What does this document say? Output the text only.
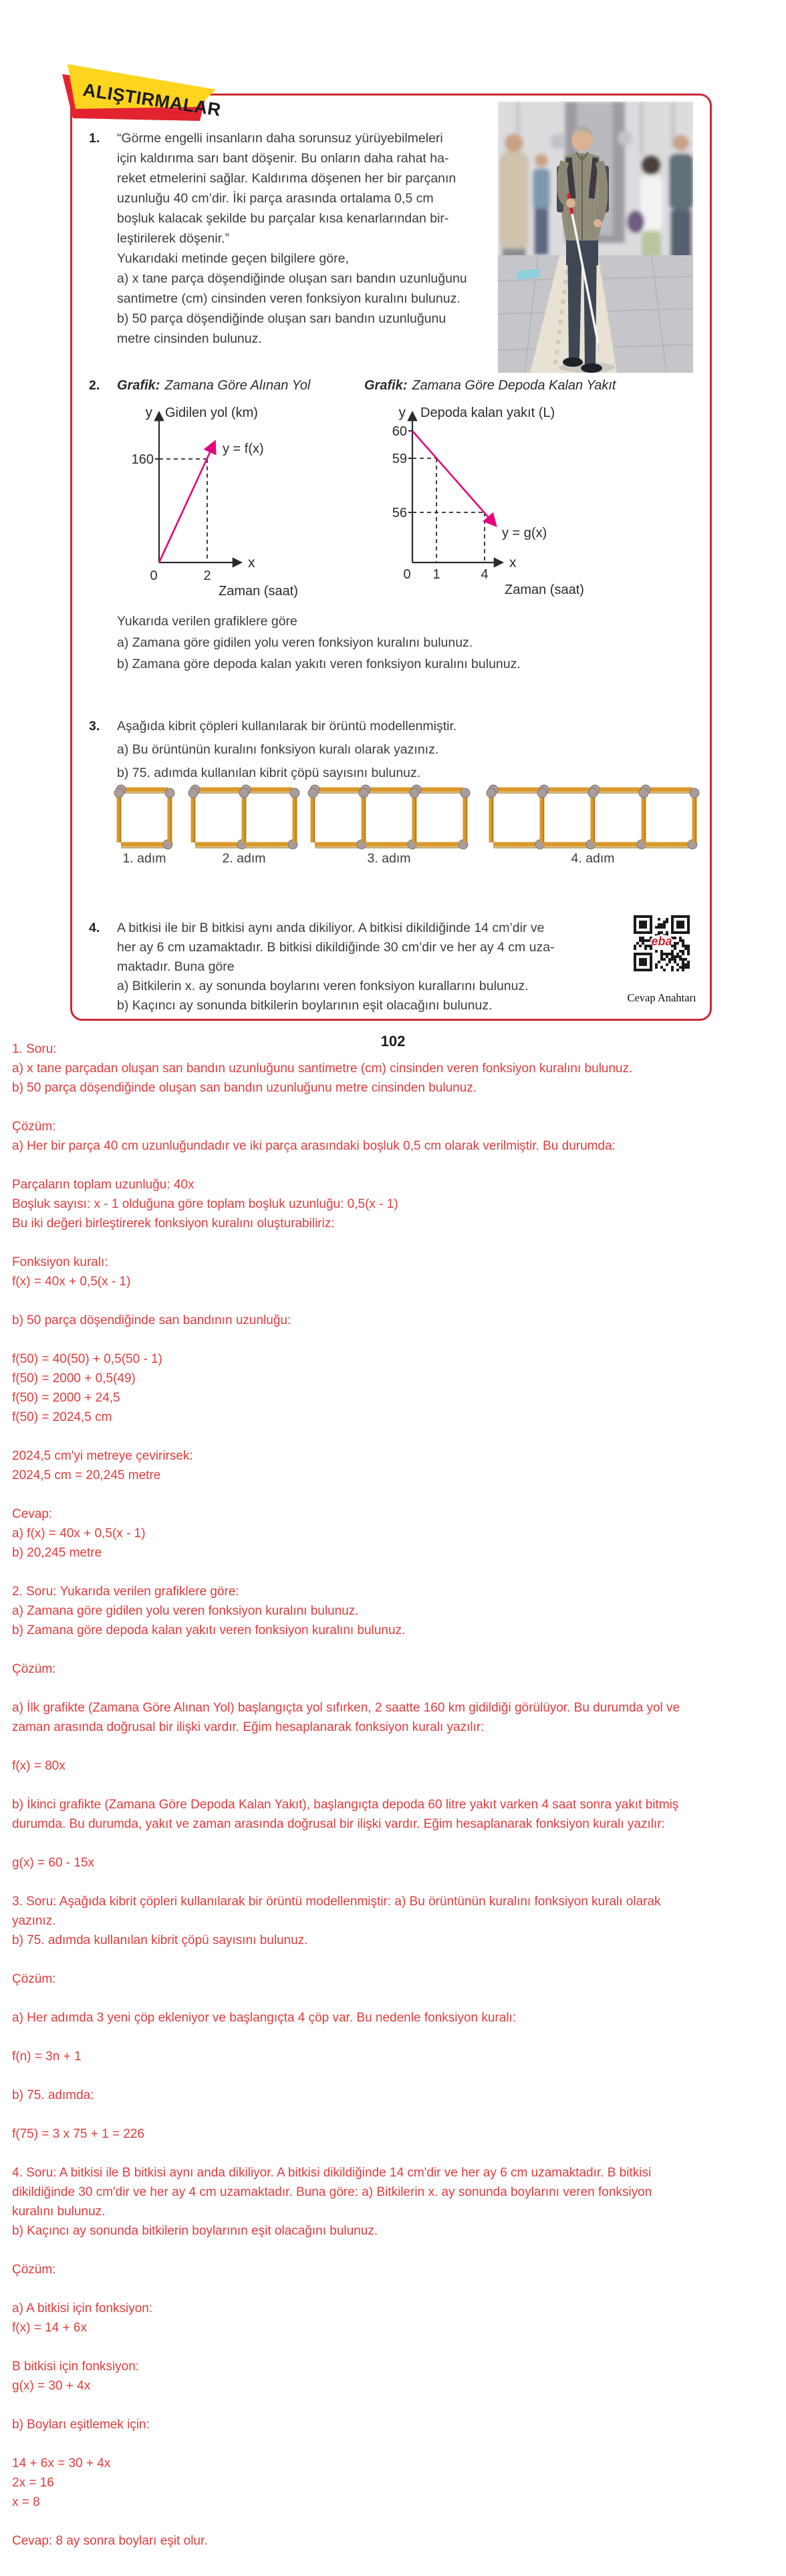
ALIŞTIRMALAR
1. “Görme engelli insanların daha sorunsuz yürüyebilmeleri
için kaldırıma sarı bant döşenir. Bu onların daha rahat ha-
reket etmelerini sağlar. Kaldırıma döşenen her bir parçanın
uzunluğu 40 cm’dir. İki parça arasında ortalama 0,5 cm
boşluk kalacak şekilde bu parçalar kısa kenarlarından bir-
leştirilerek döşenir.”
Yukarıdaki metinde geçen bilgilere göre,
a) x tane parça döşendiğinde oluşan sarı bandın uzunluğunu
santimetre (cm) cinsinden veren fonksiyon kuralını bulunuz.
b) 50 parça döşendiğinde oluşan sarı bandın uzunluğunu
metre cinsinden bulunuz.
2. Grafik: Zamana Göre Alınan Yol	Grafik: Zamana Göre Depoda Kalan Yakıt
y Gidilen yol (km)
160
y = f(x)
x
0	2
Zaman (saat)
y Depoda kalan yakıt (L)
60
59
56
y = g(x)
x
0 1	4
Zaman (saat)
Yukarıda verilen grafiklere göre
a) Zamana göre gidilen yolu veren fonksiyon kuralını bulunuz.
b) Zamana göre depoda kalan yakıtı veren fonksiyon kuralını bulunuz.
3. Aşağıda kibrit çöpleri kullanılarak bir örüntü modellenmiştir.
a) Bu örüntünün kuralını fonksiyon kuralı olarak yazınız.
b) 75. adımda kullanılan kibrit çöpü sayısını bulunuz.
4. A bitkisi ile bir B bitkisi aynı anda dikiliyor. A bitkisi dikildiğinde 14 cm’dir ve
her ay 6 cm uzamaktadır. B bitkisi dikildiğinde 30 cm’dir ve her ay 4 cm uza-
maktadır. Buna göre
a) Bitkilerin x. ay sonunda boylarını veren fonksiyon kurallarını bulunuz.
b) Kaçıncı ay sonunda bitkilerin boylarının eşit olacağını bulunuz.
eba
Cevap Anahtarı
102
1. Soru:
a) x tane parçadan oluşan san bandın uzunluğunu santimetre (cm) cinsinden veren fonksiyon kuralını bulunuz.
b) 50 parça döşendiğinde oluşan san bandın uzunluğunu metre cinsinden bulunuz.
Çözüm:
a) Her bir parça 40 cm uzunluğundadır ve iki parça arasındaki boşluk 0,5 cm olarak verilmiştir. Bu durumda:
Parçaların toplam uzunluğu: 40x
Boşluk sayısı: x - 1 olduğuna göre toplam boşluk uzunluğu: 0,5(x - 1)
Bu iki değeri birleştirerek fonksiyon kuralını oluşturabiliriz:
Fonksiyon kuralı:
f(x) = 40x + 0,5(x - 1)
b) 50 parça döşendiğinde san bandının uzunluğu:
f(50) = 40(50) + 0,5(50 - 1)
f(50) = 2000 + 0,5(49)
f(50) = 2000 + 24,5
f(50) = 2024,5 cm
2024,5 cm'yi metreye çevirirsek:
2024,5 cm = 20,245 metre
Cevap:
a) f(x) = 40x + 0,5(x - 1)
b) 20,245 metre
2. Soru: Yukarıda verilen grafiklere göre:
a) Zamana göre gidilen yolu veren fonksiyon kuralını bulunuz.
b) Zamana göre depoda kalan yakıtı veren fonksiyon kuralını bulunuz.
Çözüm:
a) İlk grafikte (Zamana Göre Alınan Yol) başlangıçta yol sıfırken, 2 saatte 160 km gidildiği görülüyor. Bu durumda yol ve
zaman arasında doğrusal bir ilişki vardır. Eğim hesaplanarak fonksiyon kuralı yazılır:
f(x) = 80x
b) İkinci grafikte (Zamana Göre Depoda Kalan Yakıt), başlangıçta depoda 60 litre yakıt varken 4 saat sonra yakıt bitmiş
durumda. Bu durumda, yakıt ve zaman arasında doğrusal bir ilişki vardır. Eğim hesaplanarak fonksiyon kuralı yazılır:
g(x) = 60 - 15x
3. Soru: Aşağıda kibrit çöpleri kullanılarak bir örüntü modellenmiştir: a) Bu örüntünün kuralını fonksiyon kuralı olarak
yazınız.
b) 75. adımda kullanılan kibrit çöpü sayısını bulunuz.
Çözüm:
a) Her adımda 3 yeni çöp ekleniyor ve başlangıçta 4 çöp var. Bu nedenle fonksiyon kuralı:
f(n) = 3n + 1
b) 75. adımda:
f(75) = 3 x 75 + 1 = 226
4. Soru: A bitkisi ile B bitkisi aynı anda dikiliyor. A bitkisi dikildiğinde 14 cm'dir ve her ay 6 cm uzamaktadır. B bitkisi
dikildiğinde 30 cm'dir ve her ay 4 cm uzamaktadır. Buna göre: a) Bitkilerin x. ay sonunda boylarını veren fonksiyon
kuralını bulunuz.
b) Kaçıncı ay sonunda bitkilerin boylarının eşit olacağını bulunuz.
Çözüm:
a) A bitkisi için fonksiyon:
f(x) = 14 + 6x
B bitkisi için fonksiyon:
g(x) = 30 + 4x
b) Boyları eşitlemek için:
14 + 6x = 30 + 4x
2x = 16
x = 8
Cevap: 8 ay sonra boyları eşit olur.
1. adım	2. adım	3. adım	4. adım
